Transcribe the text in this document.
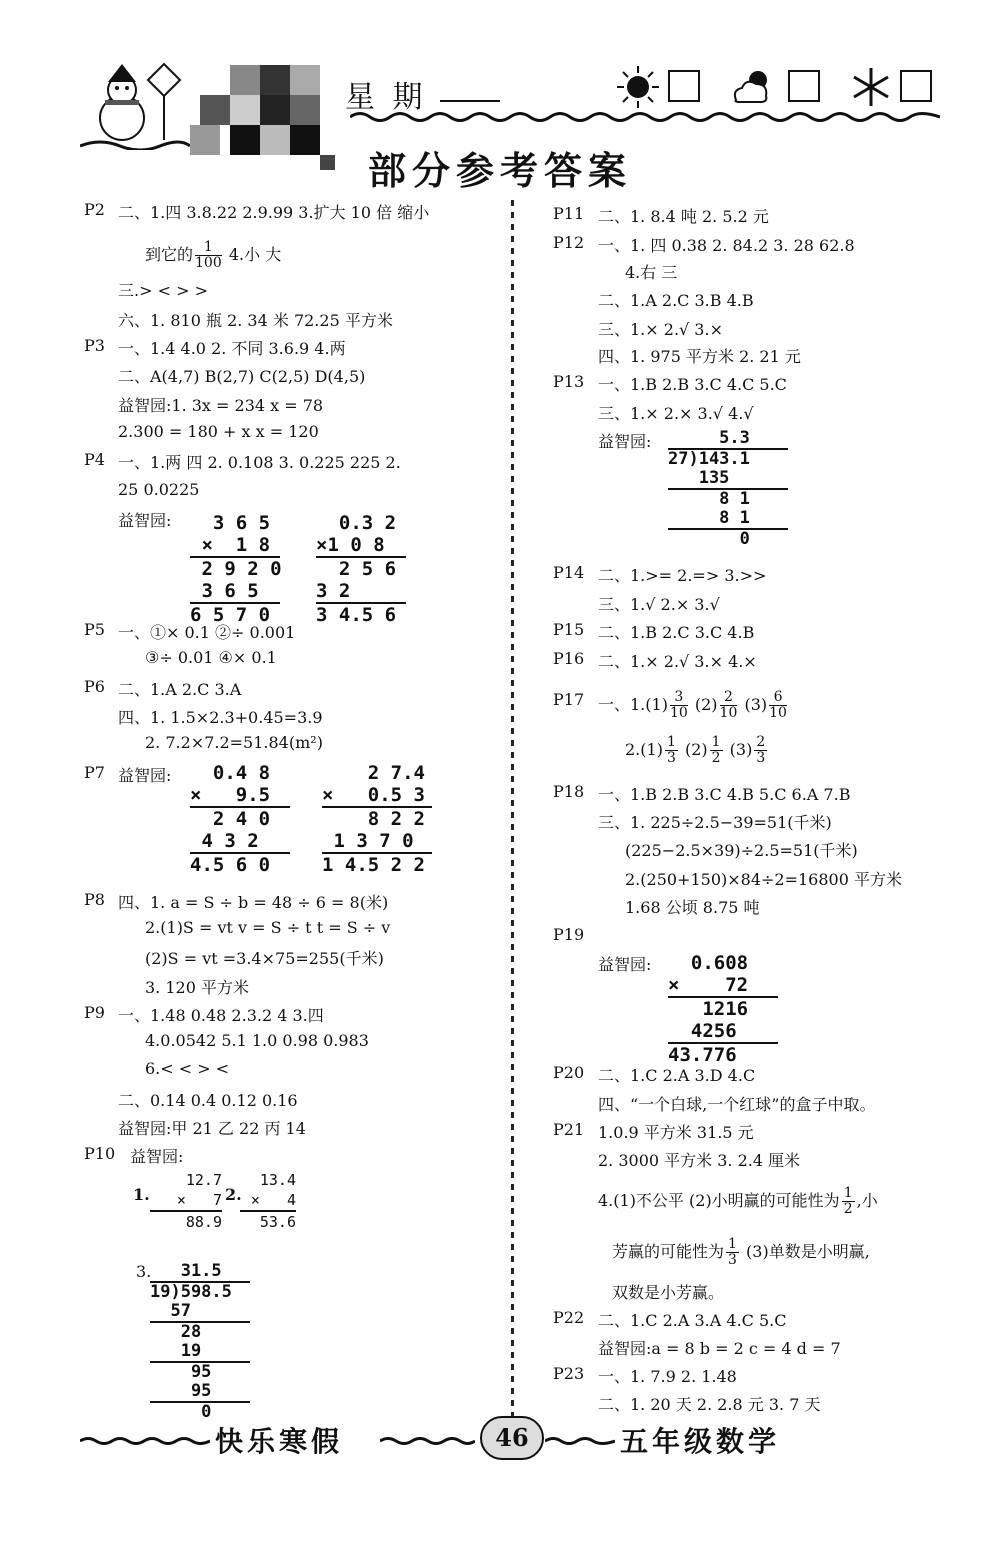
星 期
部分参考答案
P2 二、1.四 3.8.22 2.9.99 3.扩大 10 倍 缩小
到它的 $\frac{1}{100} 4$.小 大
三.> < > >
六、1. 810 瓶 2. 34 米 72.25 平方米
P3 一、1.4 4.0 2. 不同 3.6.9 4.两
二、A(4,7) B(2,7) C(2,5) D(4,5)
益智园:1. 3x = 234 x = 78
2.300 = 180 + x x = 120
P4 一、1.两 四 2. 0.108 3. 0.225 225 2.
25 0.0225
益智园: 3 6 5
×  1 8
2 9 2 0
3 6 5
6 5 7 0
0.3 2
×1 0 8
2 5 6
3 2
3 4.5 6
P5 一、①× 0.1 ②÷ 0.001
③÷ 0.01 ④× 0.1
P6 二、1.A 2.C 3.A
四、1. 1.5×2.3+0.45=3.9
2. 7.2×7.2=51.84(m²)
P7 益智园: 0.4 8
×   9.5
2 4 0
4 3 2
4.5 6 0
2 7.4
×   0.5 3
8 2 2
1 3 7 0
1 4.5 2 2
P8 四、1. a = S ÷ b = 48 ÷ 6 = 8(米)
2.(1)S = vt v = S ÷ t t = S ÷ v
(2)S = vt =3.4×75=255(千米)
3. 120 平方米
P9 一、1.48 0.48 2.3.2 4 3.四
4.0.0542 5.1 1.0 0.98 0.983
6.< < > <
二、0.14 0.4 0.12 0.16
益智园:甲 21 乙 22 丙 14
P10 益智园:
1.
12.7
×   7
88.9
2.
13.4
×   4
53.6
3.
31.5
19)598.5
57
28
19
95
95
0
P11 二、1. 8.4 吨 2. 5.2 元
P12 一、1. 四 0.38 2. 84.2 3. 28 62.8
4.右 三
二、1.A 2.C 3.B 4.B
三、1.× 2.√ 3.×
四、1. 975 平方米 2. 21 元
P13 一、1.B 2.B 3.C 4.C 5.C
三、1.× 2.× 3.√ 4.√
益智园: 5.3
27)143.1
135
8 1
8 1
0
P14 二、1.>= 2.=> 3.>>
三、1.√ 2.× 3.√
P15 二、1.B 2.C 3.C 4.B
P16 二、1.× 2.√ 3.× 4.×
P17 一、$1.(1) \frac{3}{10} (2) \frac{2}{10} (3) \frac{6}{10}$
$2.(1) \frac{1}{3} (2) \frac{1}{2} (3) \frac{2}{3}$
P18 一、1.B 2.B 3.C 4.B 5.C 6.A 7.B
三、1. 225÷2.5−39=51(千米)
(225−2.5×39)÷2.5=51(千米)
2.(250+150)×84÷2=16800 平方米
1.68 公顷 8.75 吨
P19
益智园: 0.608
×    72
1216
4256
43.776
P20 二、1.C 2.A 3.D 4.C
四、“一个白球,一个红球”的盒子中取。
P21 1.0.9 平方米 31.5 元
2. 3000 平方米 3. 2.4 厘米
4.(1)不公平 (2)小明赢的可能性为 $\frac{1}{2}$ ,小
芳赢的可能性为 $\frac{1}{3} (3)$单数是小明赢,
双数是小芳赢。
P22 二、1.C 2.A 3.A 4.C 5.C
益智园:a = 8 b = 2 c = 4 d = 7
P23 一、1. 7.9 2. 1.48
二、1. 20 天 2. 2.8 元 3. 7 天
快乐寒假	46	五年级数学
